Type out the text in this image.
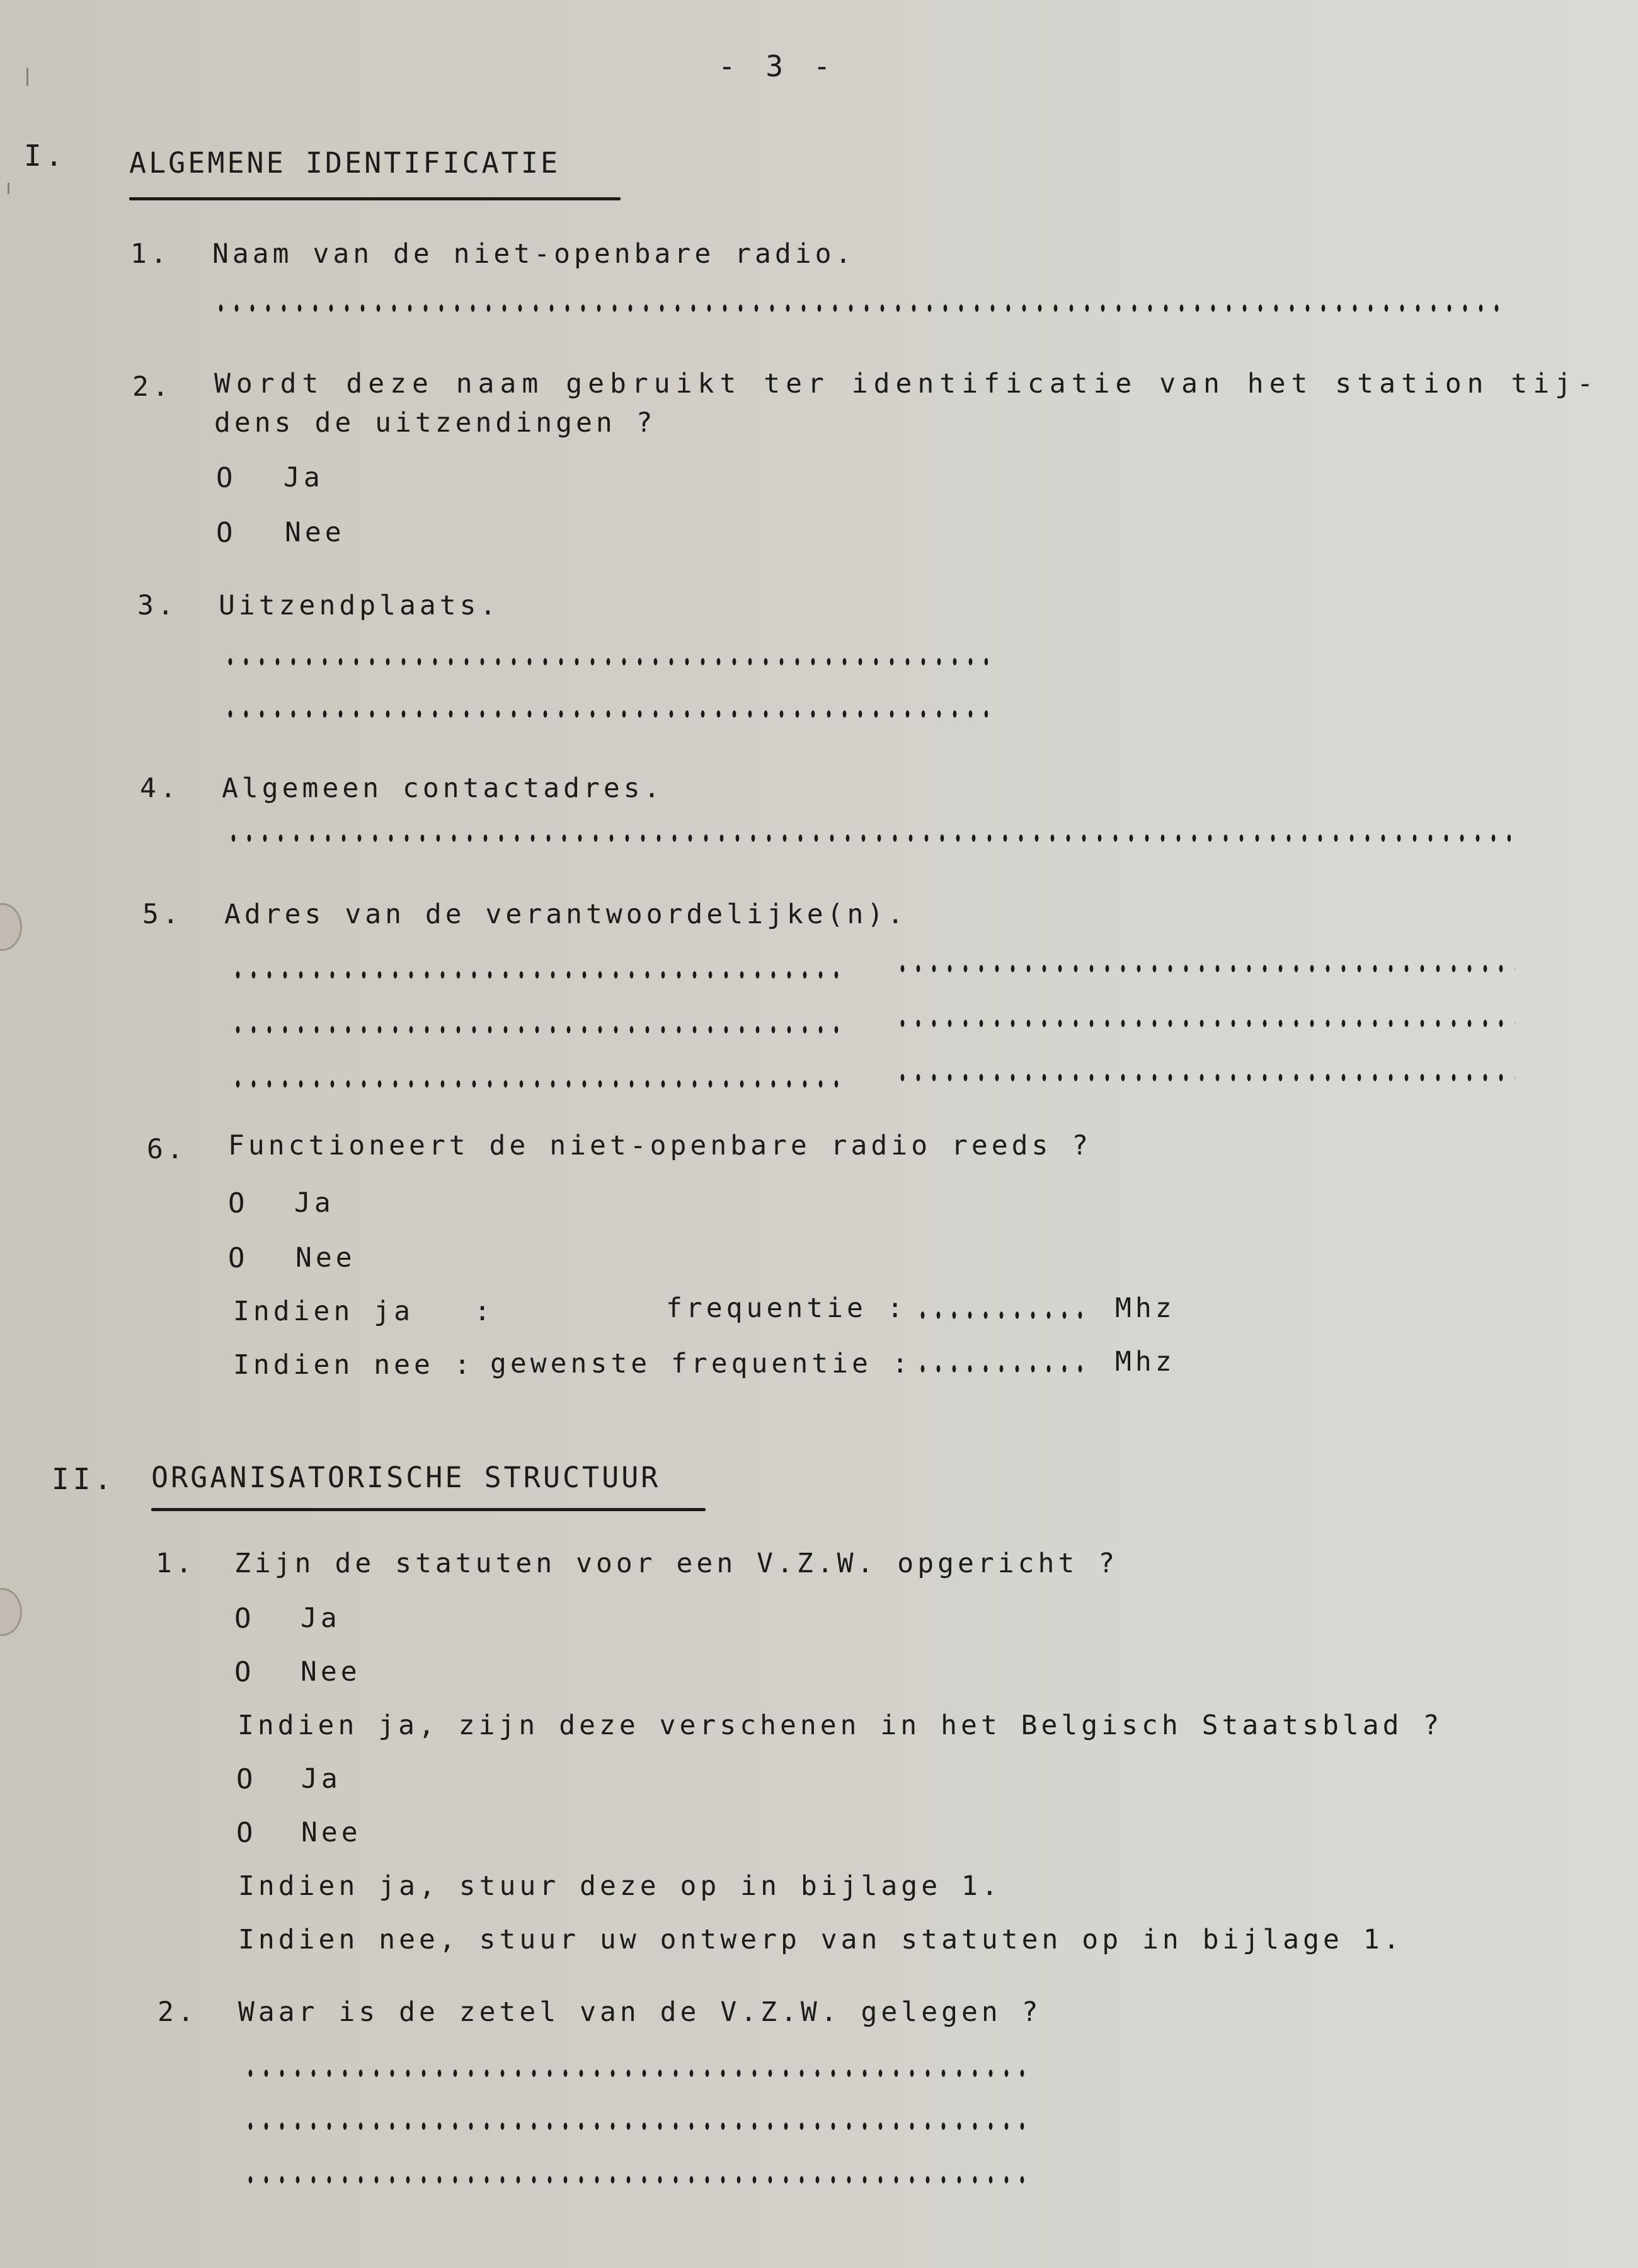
- 3 -
I. ALGEMENE IDENTIFICATIE
1. Naam van de niet-openbare radio.
2. Wordt deze naam gebruikt ter identificatie van het station tij-
dens de uitzendingen ?
O Ja
O Nee
3. Uitzendplaats.
4. Algemeen contactadres.
5. Adres van de verantwoordelijke(n).
6. Functioneert de niet-openbare radio reeds ?
O Ja
O Nee
Indien ja   :	frequentie :	Mhz
Indien nee : gewenste frequentie :	Mhz
II. ORGANISATORISCHE STRUCTUUR
1. Zijn de statuten voor een V.Z.W. opgericht ?
O Ja
O Nee
Indien ja, zijn deze verschenen in het Belgisch Staatsblad ?
O Ja
O Nee
Indien ja, stuur deze op in bijlage 1.
Indien nee, stuur uw ontwerp van statuten op in bijlage 1.
2. Waar is de zetel van de V.Z.W. gelegen ?
